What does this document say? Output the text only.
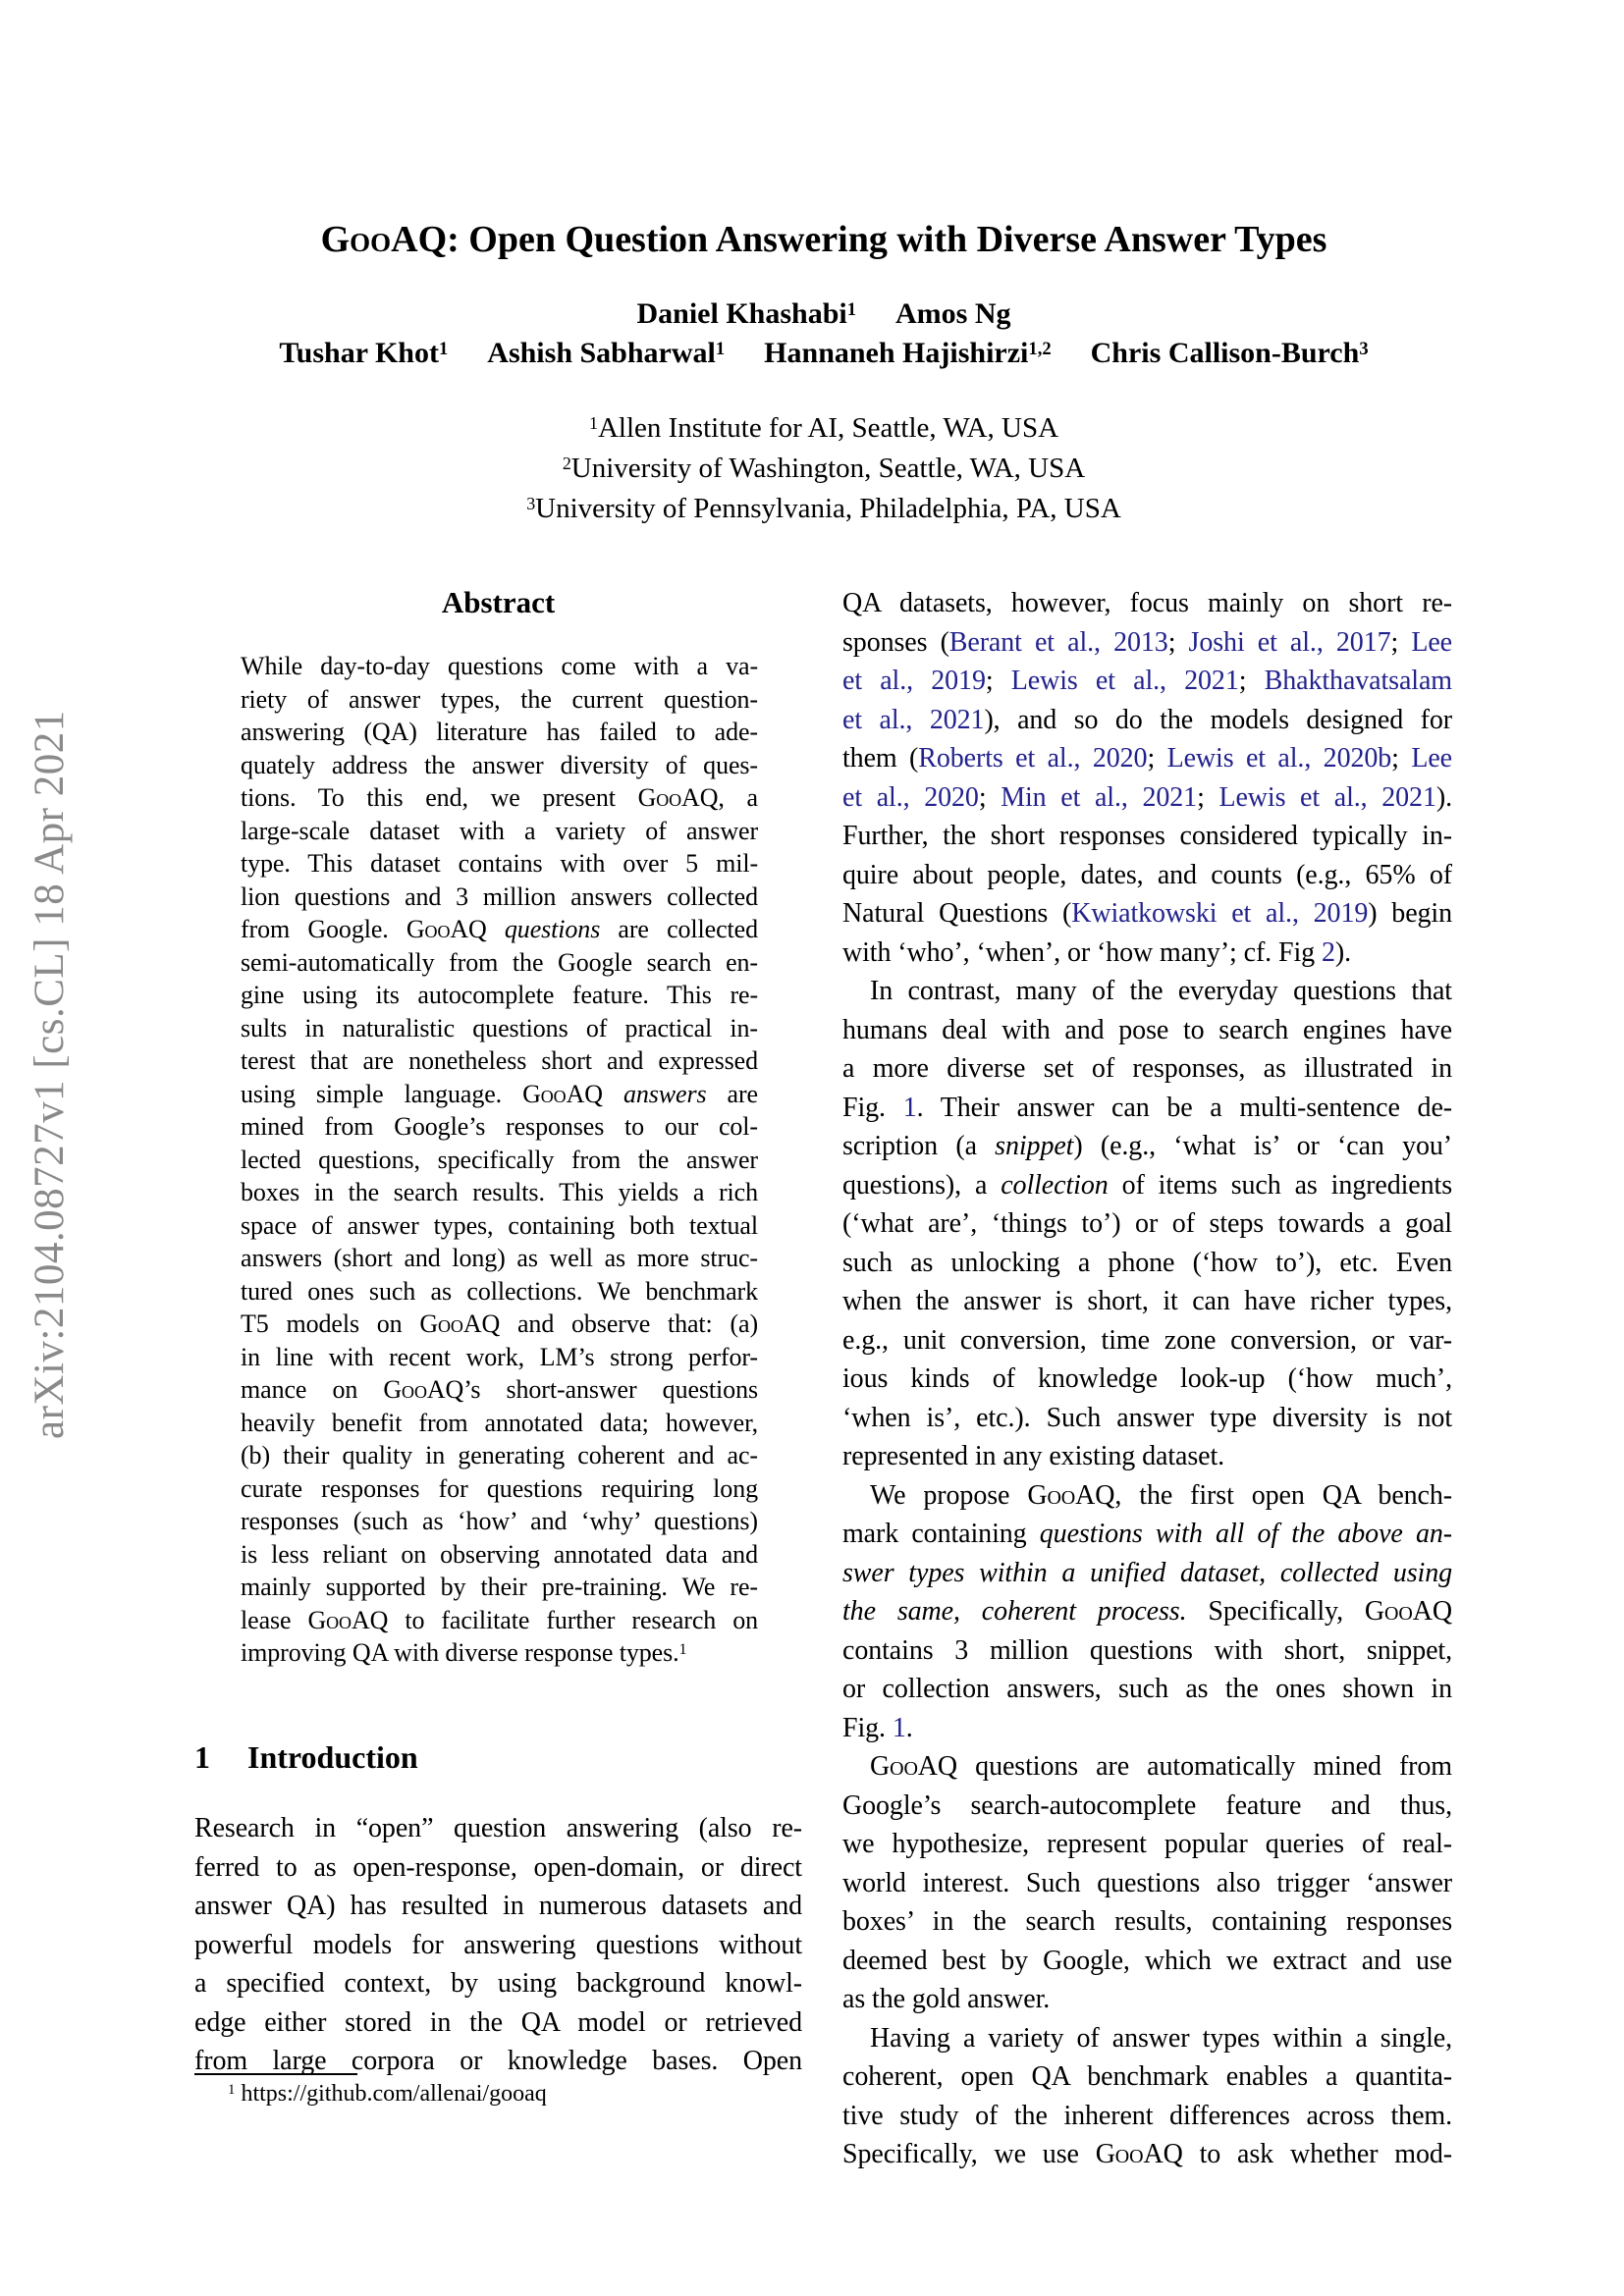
arXiv:2104.08727v1 [cs.CL] 18 Apr 2021
GooAQ: Open Question Answering with Diverse Answer Types
Daniel Khashabi$^1$ Amos Ng
Tushar Khot$^1$ Ashish Sabharwal$^1$ Hannaneh Hajishirzi$^{1,2}$ Chris Callison-Burch$^3$
$^1$Allen Institute for AI, Seattle, WA, USA
$^2$University of Washington, Seattle, WA, USA
$^3$University of Pennsylvania, Philadelphia, PA, USA
Abstract
While day-to-day questions come with a va-
riety of answer types, the current question-
answering (QA) literature has failed to ade-
quately address the answer diversity of ques-
tions. To this end, we present GooAQ, a
large-scale dataset with a variety of answer
type. This dataset contains with over 5 mil-
lion questions and 3 million answers collected
from Google. GooAQ questions are collected
semi-automatically from the Google search en-
gine using its autocomplete feature. This re-
sults in naturalistic questions of practical in-
terest that are nonetheless short and expressed
using simple language. GooAQ answers are
mined from Google’s responses to our col-
lected questions, specifically from the answer
boxes in the search results. This yields a rich
space of answer types, containing both textual
answers (short and long) as well as more struc-
tured ones such as collections. We benchmark
T5 models on GooAQ and observe that: (a)
in line with recent work, LM’s strong perfor-
mance on GooAQ’s short-answer questions
heavily benefit from annotated data; however,
(b) their quality in generating coherent and ac-
curate responses for questions requiring long
responses (such as ‘how’ and ‘why’ questions)
is less reliant on observing annotated data and
mainly supported by their pre-training. We re-
lease GooAQ to facilitate further research on
improving QA with diverse response types.$^1$
1 Introduction
Research in “open” question answering (also re-
ferred to as open-response, open-domain, or direct
answer QA) has resulted in numerous datasets and
powerful models for answering questions without
a specified context, by using background knowl-
edge either stored in the QA model or retrieved
from large corpora or knowledge bases. Open
$^1$ https://github.com/allenai/gooaq
QA datasets, however, focus mainly on short re-
sponses (Berant et al., 2013; Joshi et al., 2017; Lee
et al., 2019; Lewis et al., 2021; Bhakthavatsalam
et al., 2021), and so do the models designed for
them (Roberts et al., 2020; Lewis et al., 2020b; Lee
et al., 2020; Min et al., 2021; Lewis et al., 2021).
Further, the short responses considered typically in-
quire about people, dates, and counts (e.g., 65% of
Natural Questions (Kwiatkowski et al., 2019) begin
with ‘who’, ‘when’, or ‘how many’; cf. Fig 2).
In contrast, many of the everyday questions that
humans deal with and pose to search engines have
a more diverse set of responses, as illustrated in
Fig. 1. Their answer can be a multi-sentence de-
scription (a snippet) (e.g., ‘what is’ or ‘can you’
questions), a collection of items such as ingredients
(‘what are’, ‘things to’) or of steps towards a goal
such as unlocking a phone (‘how to’), etc. Even
when the answer is short, it can have richer types,
e.g., unit conversion, time zone conversion, or var-
ious kinds of knowledge look-up (‘how much’,
‘when is’, etc.). Such answer type diversity is not
represented in any existing dataset.
We propose GooAQ, the first open QA bench-
mark containing questions with all of the above an-
swer types within a unified dataset, collected using
the same, coherent process. Specifically, GooAQ
contains 3 million questions with short, snippet,
or collection answers, such as the ones shown in
Fig. 1.
GooAQ questions are automatically mined from
Google’s search-autocomplete feature and thus,
we hypothesize, represent popular queries of real-
world interest. Such questions also trigger ‘answer
boxes’ in the search results, containing responses
deemed best by Google, which we extract and use
as the gold answer.
Having a variety of answer types within a single,
coherent, open QA benchmark enables a quantita-
tive study of the inherent differences across them.
Specifically, we use GooAQ to ask whether mod-
